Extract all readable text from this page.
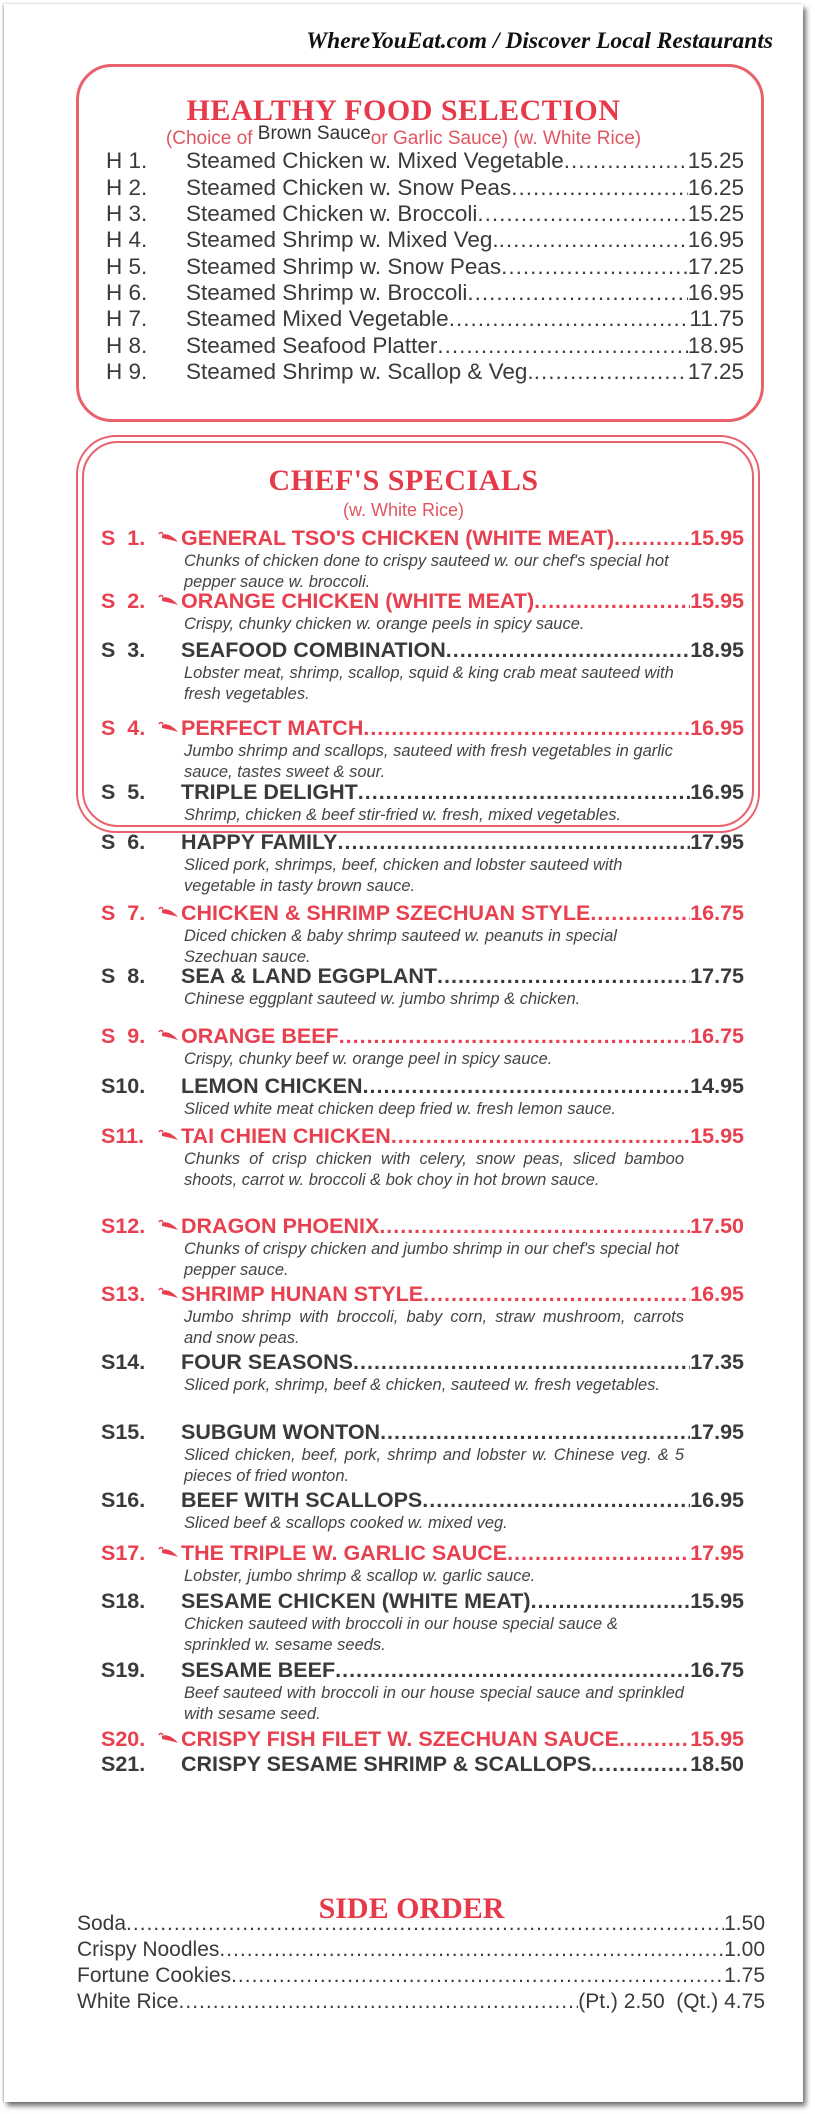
WhereYouEat.com / Discover Local Restaurants
HEALTHY FOOD SELECTION
(Choice of Brown Sauceor Garlic Sauce) (w. White Rice)
H 1.	Steamed Chicken w. Mixed Vegetable .....	15.25
H 2.	Steamed Chicken w. Snow Peas .....	16.25
H 3.	Steamed Chicken w. Broccoli .....	15.25
H 4.	Steamed Shrimp w. Mixed Veg. .....	16.95
H 5.	Steamed Shrimp w. Snow Peas .....	17.25
H 6.	Steamed Shrimp w. Broccoli .....	16.95
H 7.	Steamed Mixed Vegetable .....	11.75
H 8.	Steamed Seafood Platter .....	18.95
H 9.	Steamed Shrimp w. Scallop & Veg. .....	17.25
CHEF'S SPECIALS
(w. White Rice)
S  1.	GENERAL TSO'S CHICKEN (WHITE MEAT) .....	15.95
Chunks of chicken done to crispy sauteed w. our chef's special hot pepper sauce w. broccoli.
S  2.	ORANGE CHICKEN (WHITE MEAT) .....	15.95
Crispy, chunky chicken w. orange peels in spicy sauce.
S  3.	SEAFOOD COMBINATION .....	18.95
Lobster meat, shrimp, scallop, squid & king crab meat sauteed with fresh vegetables.
S  4.	PERFECT MATCH .....	16.95
Jumbo shrimp and scallops, sauteed with fresh vegetables in garlic sauce, tastes sweet & sour.
S  5.	TRIPLE DELIGHT .....	16.95
Shrimp, chicken & beef stir-fried w. fresh, mixed vegetables.
S  6.	HAPPY FAMILY .....	17.95
Sliced pork, shrimps, beef, chicken and lobster sauteed with vegetable in tasty brown sauce.
S  7.	CHICKEN & SHRIMP SZECHUAN STYLE .....	16.75
Diced chicken & baby shrimp sauteed w. peanuts in special Szechuan sauce.
S  8.	SEA & LAND EGGPLANT .....	17.75
Chinese eggplant sauteed w. jumbo shrimp & chicken.
S  9.	ORANGE BEEF .....	16.75
Crispy, chunky beef w. orange peel in spicy sauce.
S10.	LEMON CHICKEN .....	14.95
Sliced white meat chicken deep fried w. fresh lemon sauce.
S11.	TAI CHIEN CHICKEN .....	15.95
Chunks of crisp chicken with celery, snow peas, sliced bamboo shoots, carrot w. broccoli & bok choy in hot brown sauce.
S12.	DRAGON PHOENIX .....	17.50
Chunks of crispy chicken and jumbo shrimp in our chef's special hot pepper sauce.
S13.	SHRIMP HUNAN STYLE .....	16.95
Jumbo shrimp with broccoli, baby corn, straw mushroom, carrots and snow peas.
S14.	FOUR SEASONS .....	17.35
Sliced pork, shrimp, beef & chicken, sauteed w. fresh vegetables.
S15.	SUBGUM WONTON .....	17.95
Sliced chicken, beef, pork, shrimp and lobster w. Chinese veg. & 5 pieces of fried wonton.
S16.	BEEF WITH SCALLOPS .....	16.95
Sliced beef & scallops cooked w. mixed veg.
S17.	THE TRIPLE W. GARLIC SAUCE .....	17.95
Lobster, jumbo shrimp & scallop w. garlic sauce.
S18.	SESAME CHICKEN (WHITE MEAT) .....	15.95
Chicken sauteed with broccoli in our house special sauce & sprinkled w. sesame seeds.
S19.	SESAME BEEF .....	16.75
Beef sauteed with broccoli in our house special sauce and sprinkled with sesame seed.
S20.	CRISPY FISH FILET W. SZECHUAN SAUCE .....	15.95
S21.	CRISPY SESAME SHRIMP & SCALLOPS .....	18.50
SIDE ORDER
Soda .....	1.50
Crispy Noodles .....	1.00
Fortune Cookies .....	1.75
White Rice .....	(Pt.) 2.50  (Qt.) 4.75
